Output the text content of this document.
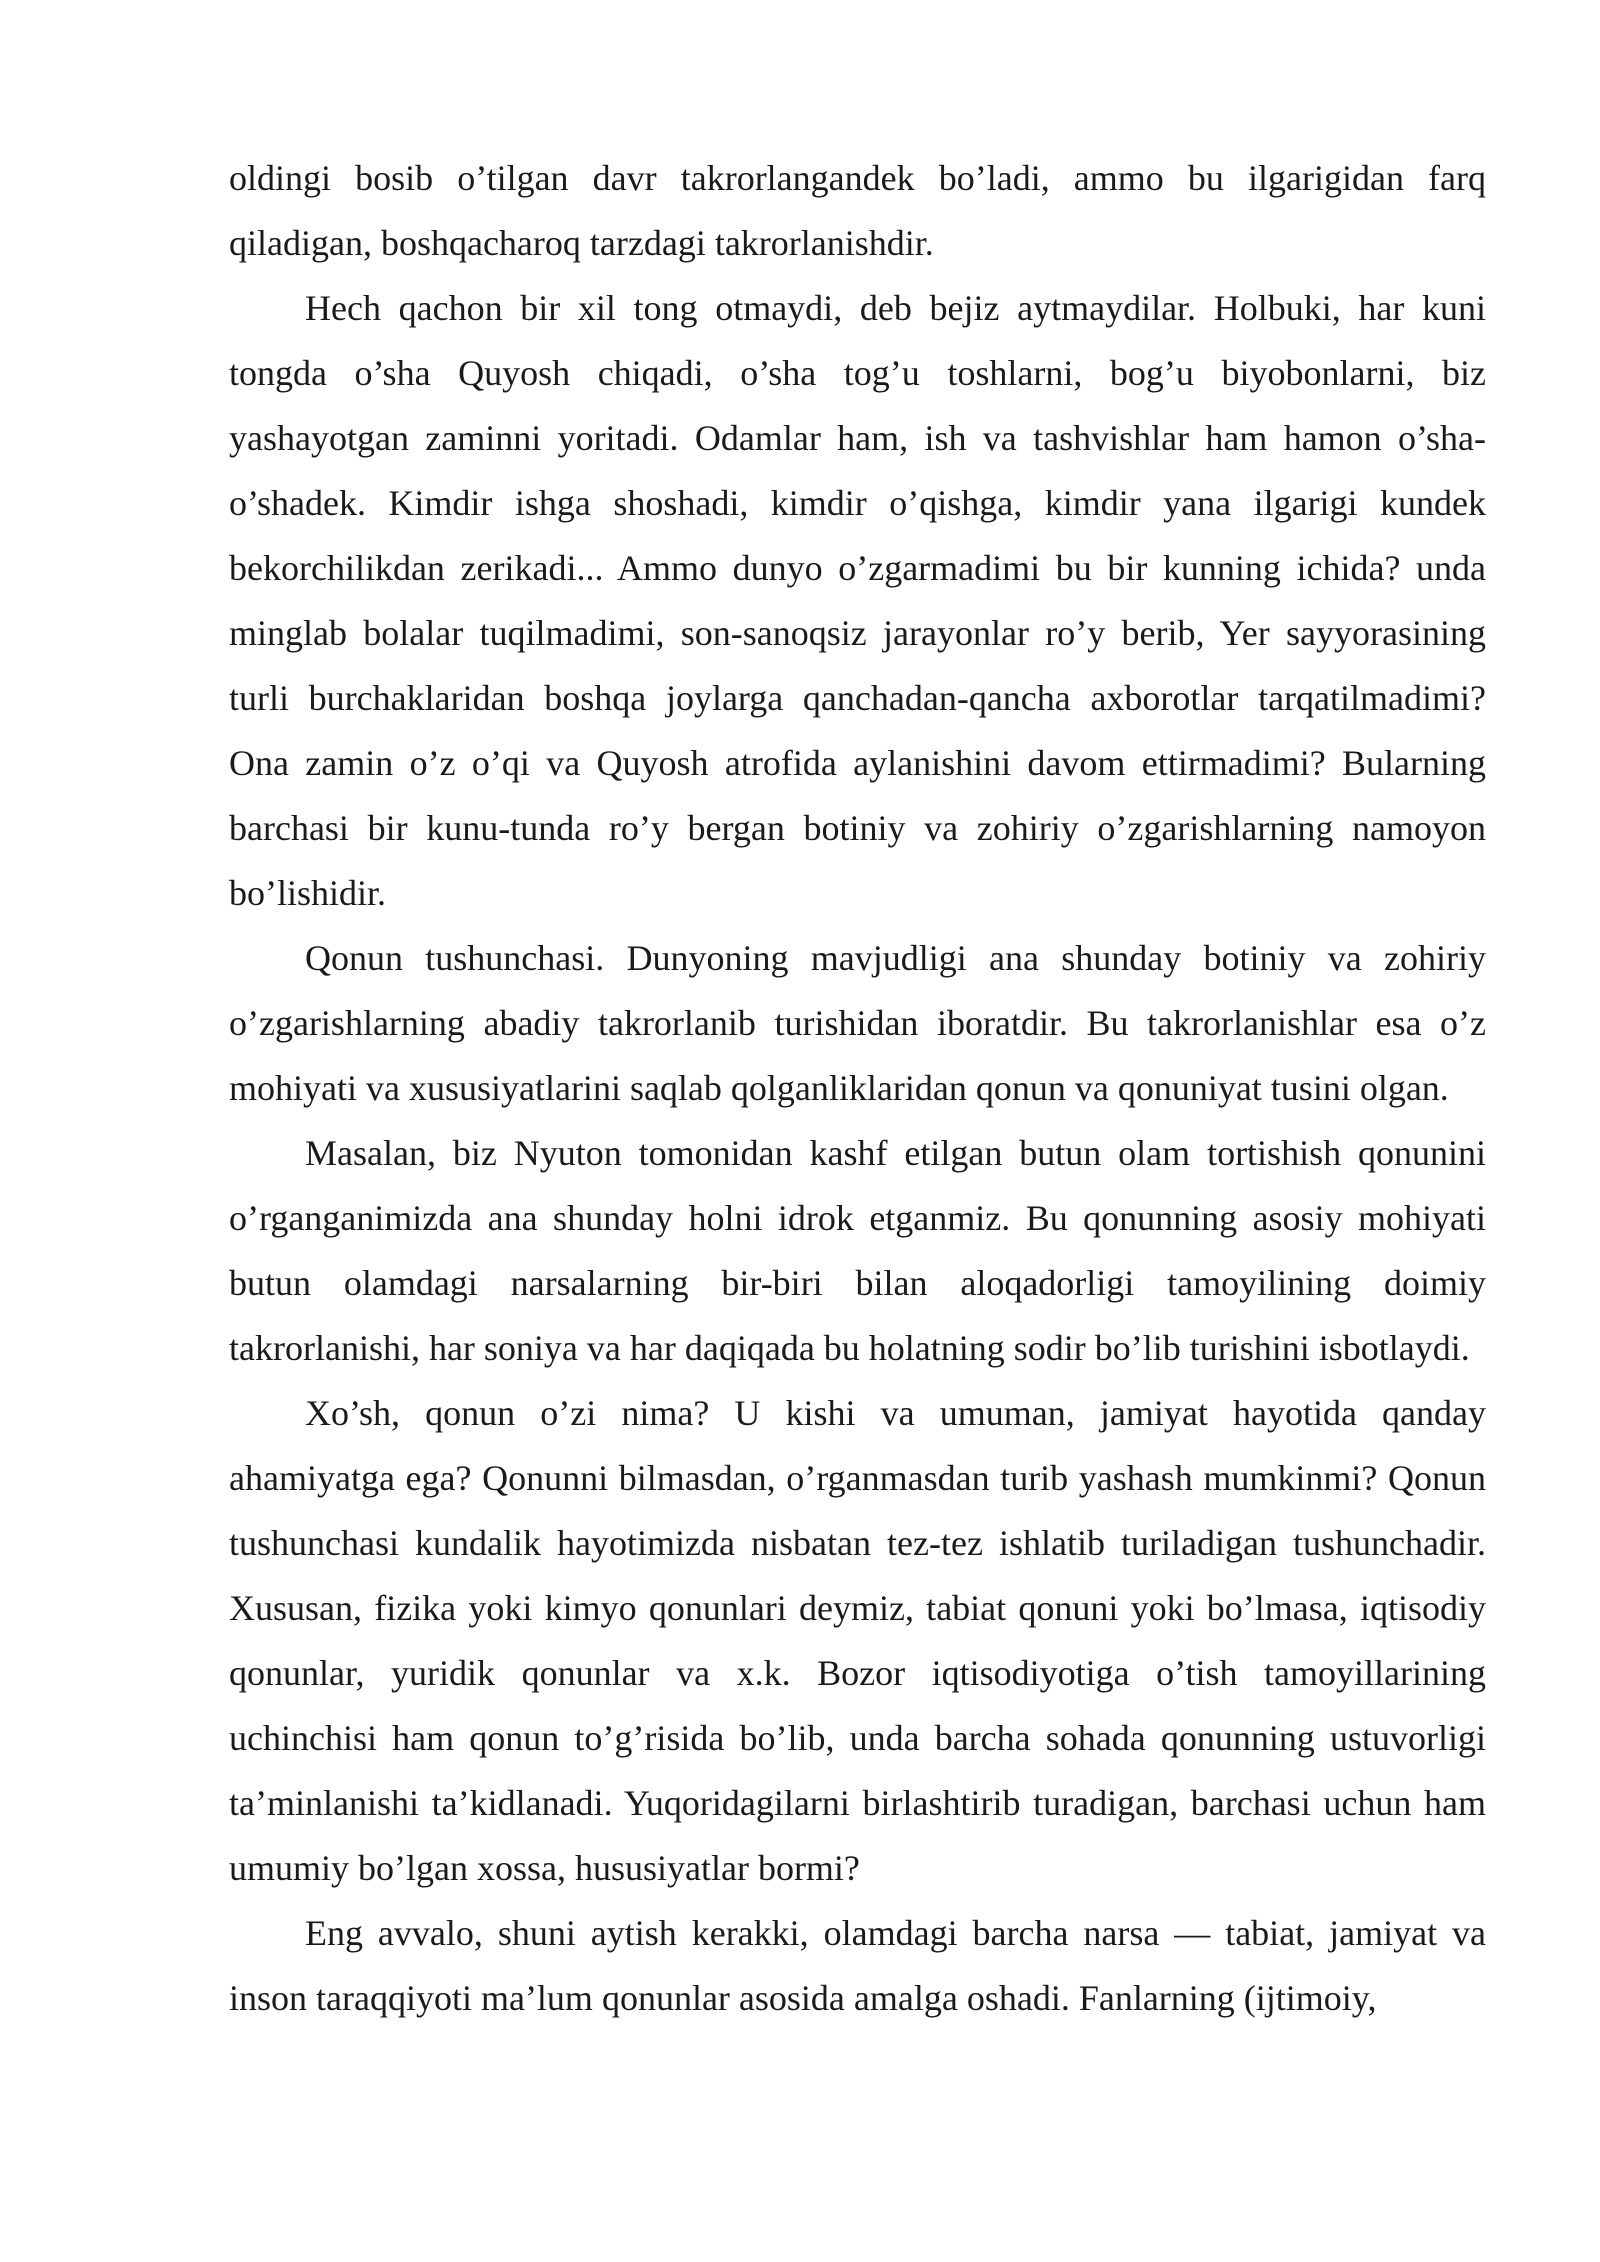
oldingi bosib o’tilgan davr takrorlangandek bo’ladi, ammo bu ilgarigidan farq qiladigan, boshqacharoq tarzdagi takrorlanishdir.

Hech qachon bir xil tong otmaydi, deb bejiz aytmaydilar. Holbuki, har kuni tongda o’sha Quyosh chiqadi, o’sha tog’u toshlarni, bog’u biyobonlarni, biz yashayotgan zaminni yoritadi. Odamlar ham, ish va tashvishlar ham hamon o’sha-o’shadek. Kimdir ishga shoshadi, kimdir o’qishga, kimdir yana ilgarigi kundek bekorchilikdan zerikadi... Ammo dunyo o’zgarmadimi bu bir kunning ichida? unda minglab bolalar tuqilmadimi, son-sanoqsiz jarayonlar ro’y berib, Yer sayyorasining turli burchaklaridan boshqa joylarga qanchadan-qancha axborotlar tarqatilmadimi? Ona zamin o’z o’qi va Quyosh atrofida aylanishini davom ettirmadimi? Bularning barchasi bir kunu-tunda ro’y bergan botiniy va zohiriy o’zgarishlarning namoyon bo’lishidir.

Qonun tushunchasi. Dunyoning mavjudligi ana shunday botiniy va zohiriy o’zgarishlarning abadiy takrorlanib turishidan iboratdir. Bu takrorlanishlar esa o’z mohiyati va xususiyatlarini saqlab qolganliklaridan qonun va qonuniyat tusini olgan.

Masalan, biz Nyuton tomonidan kashf etilgan butun olam tortishish qonunini o’rganganimizda ana shunday holni idrok etganmiz. Bu qonunning asosiy mohiyati butun olamdagi narsalarning bir-biri bilan aloqadorligi tamoyilining doimiy takrorlanishi, har soniya va har daqiqada bu holatning sodir bo’lib turishini isbotlaydi.

Xo’sh, qonun o’zi nima? U kishi va umuman, jamiyat hayotida qanday ahamiyatga ega? Qonunni bilmasdan, o’rganmasdan turib yashash mumkinmi? Qonun tushunchasi kundalik hayotimizda nisbatan tez-tez ishlatib turiladigan tushunchadir. Xususan, fizika yoki kimyo qonunlari deymiz, tabiat qonuni yoki bo’lmasa, iqtisodiy qonunlar, yuridik qonunlar va x.k. Bozor iqtisodiyotiga o’tish tamoyillarining uchinchisi ham qonun to’g’risida bo’lib, unda barcha sohada qonunning ustuvorligi ta’minlanishi ta’kidlanadi. Yuqoridagilarni birlashtirib turadigan, barchasi uchun ham umumiy bo’lgan xossa, hususiyatlar bormi?

Eng avvalo, shuni aytish kerakki, olamdagi barcha narsa — tabiat, jamiyat va inson taraqqiyoti ma’lum qonunlar asosida amalga oshadi. Fanlarning (ijtimoiy,
